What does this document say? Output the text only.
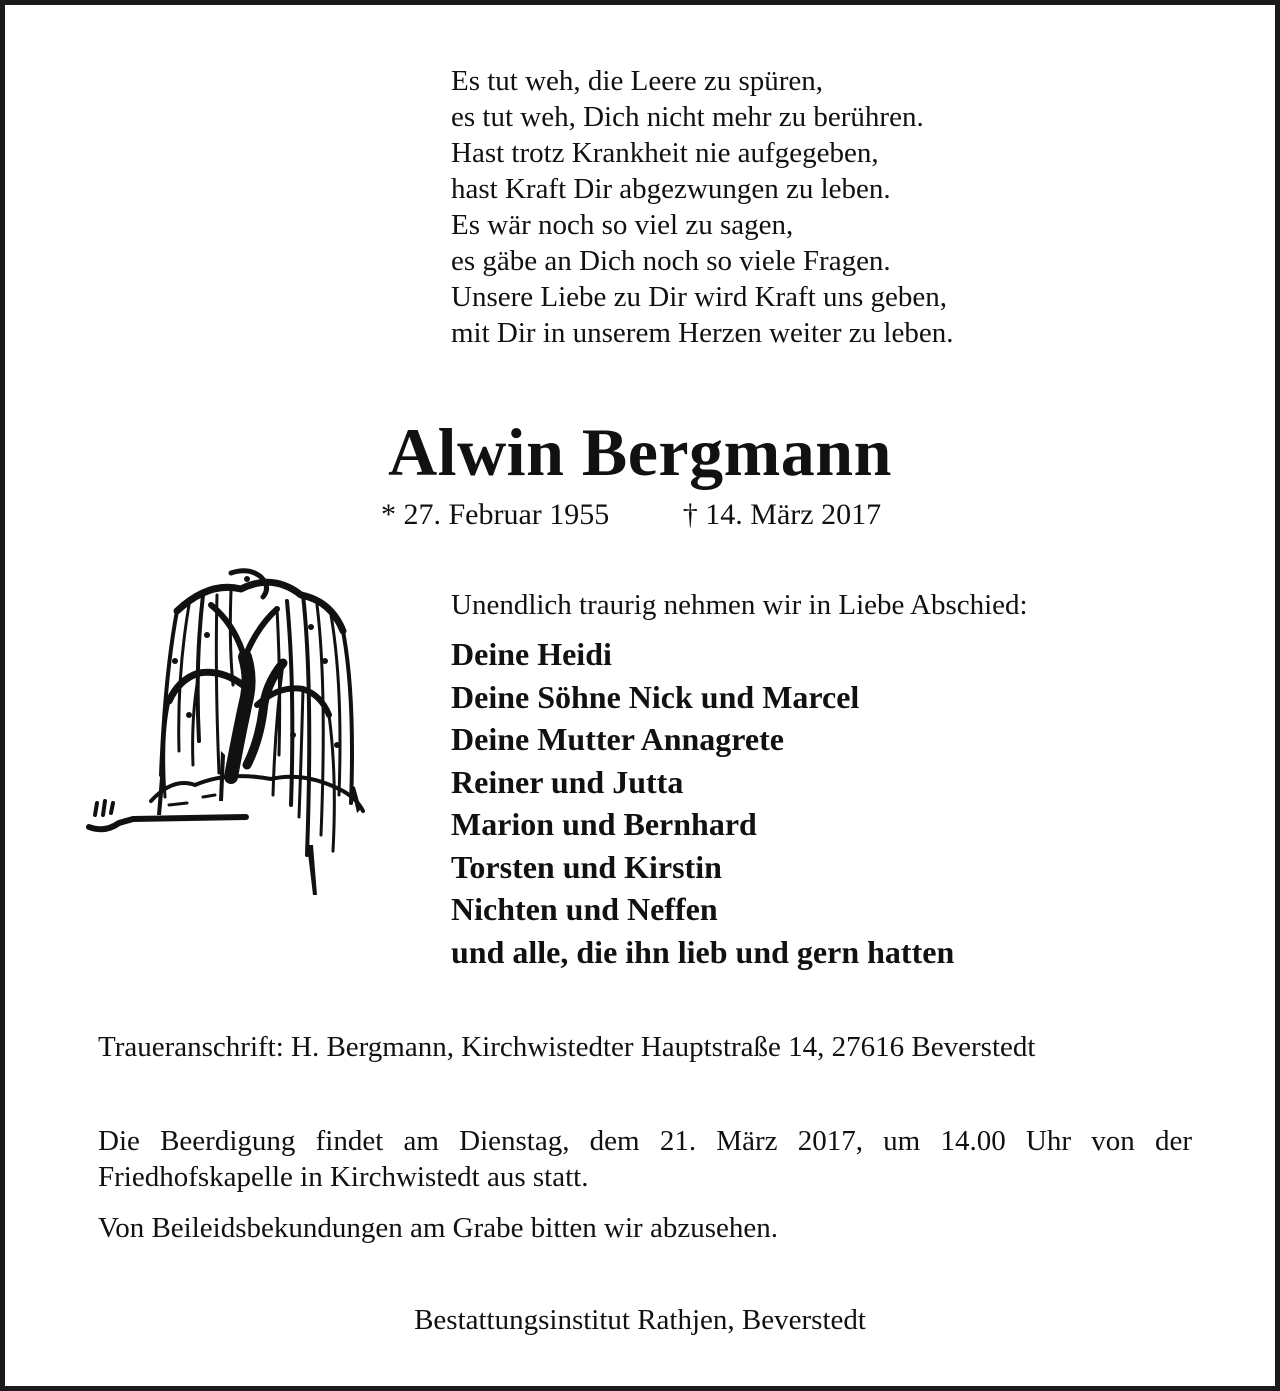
Es tut weh, die Leere zu spüren,
es tut weh, Dich nicht mehr zu berühren.
Hast trotz Krankheit nie aufgegeben,
hast Kraft Dir abgezwungen zu leben.
Es wär noch so viel zu sagen,
es gäbe an Dich noch so viele Fragen.
Unsere Liebe zu Dir wird Kraft uns geben,
mit Dir in unserem Herzen weiter zu leben.
Alwin Bergmann
* 27. Februar 1955 † 14. März 2017
Unendlich traurig nehmen wir in Liebe Abschied:
Deine Heidi
Deine Söhne Nick und Marcel
Deine Mutter Annagrete
Reiner und Jutta
Marion und Bernhard
Torsten und Kirstin
Nichten und Neffen
und alle, die ihn lieb und gern hatten
Traueranschrift: H. Bergmann, Kirchwistedter Hauptstraße 14, 27616 Beverstedt
Die Beerdigung findet am Dienstag, dem 21. März 2017, um 14.00 Uhr von der Friedhofskapelle in Kirchwistedt aus statt.
Von Beileidsbekundungen am Grabe bitten wir abzusehen.
Bestattungsinstitut Rathjen, Beverstedt
